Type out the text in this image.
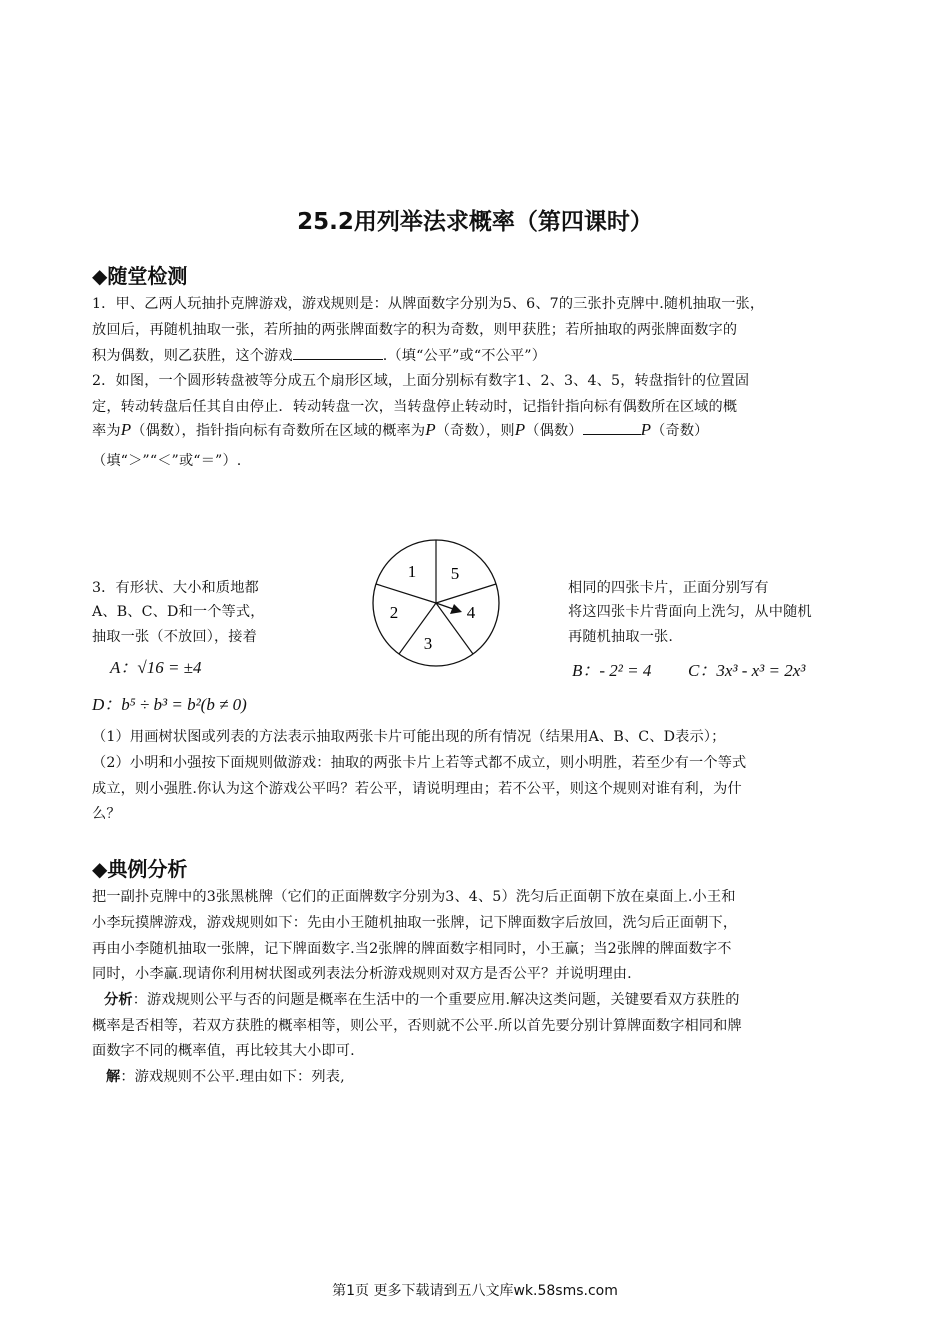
25.2用列举法求概率（第四课时）
◆随堂检测
1．甲、乙两人玩抽扑克牌游戏，游戏规则是：从牌面数字分别为5、6、7的三张扑克牌中.随机抽取一张，
放回后，再随机抽取一张，若所抽的两张牌面数字的积为奇数，则甲获胜；若所抽取的两张牌面数字的
积为偶数，则乙获胜，这个游戏	.（填“公平”或“不公平”）
2．如图，一个圆形转盘被等分成五个扇形区域，上面分别标有数字1、2、3、4、5，转盘指针的位置固
定，转动转盘后任其自由停止．转动转盘一次，当转盘停止转动时，记指针指向标有偶数所在区域的概
率为P（偶数），指针指向标有奇数所在区域的概率为P（奇数），则P（偶数）	P（奇数）
（填“＞”“＜”或“＝”）.
1 5
4
3
2
3．有形状、大小和质地都
A、B、C、D和一个等式，
抽取一张（不放回），接着
A：√16 = ±4
D：b⁵ ÷ b³ = b²(b ≠ 0)
相同的四张卡片，正面分别写有
将这四张卡片背面向上洗匀，从中随机
再随机抽取一张.
B：- 2² = 4 C：3x³ - x³ = 2x³
（1）用画树状图或列表的方法表示抽取两张卡片可能出现的所有情况（结果用A、B、C、D表示）；
（2）小明和小强按下面规则做游戏：抽取的两张卡片上若等式都不成立，则小明胜，若至少有一个等式
成立，则小强胜.你认为这个游戏公平吗？若公平，请说明理由；若不公平，则这个规则对谁有利，为什
么？
◆典例分析
把一副扑克牌中的3张黑桃牌（它们的正面牌数字分别为3、4、5）洗匀后正面朝下放在桌面上.小王和
小李玩摸牌游戏，游戏规则如下：先由小王随机抽取一张牌，记下牌面数字后放回，洗匀后正面朝下，
再由小李随机抽取一张牌，记下牌面数字.当2张牌的牌面数字相同时，小王赢；当2张牌的牌面数字不
同时，小李赢.现请你利用树状图或列表法分析游戏规则对双方是否公平？并说明理由.
分析：游戏规则公平与否的问题是概率在生活中的一个重要应用.解决这类问题，关键要看双方获胜的
概率是否相等，若双方获胜的概率相等，则公平，否则就不公平.所以首先要分别计算牌面数字相同和牌
面数字不同的概率值，再比较其大小即可.
解：游戏规则不公平.理由如下：列表,
第1页 更多下载请到五八文库wk.58sms.com
